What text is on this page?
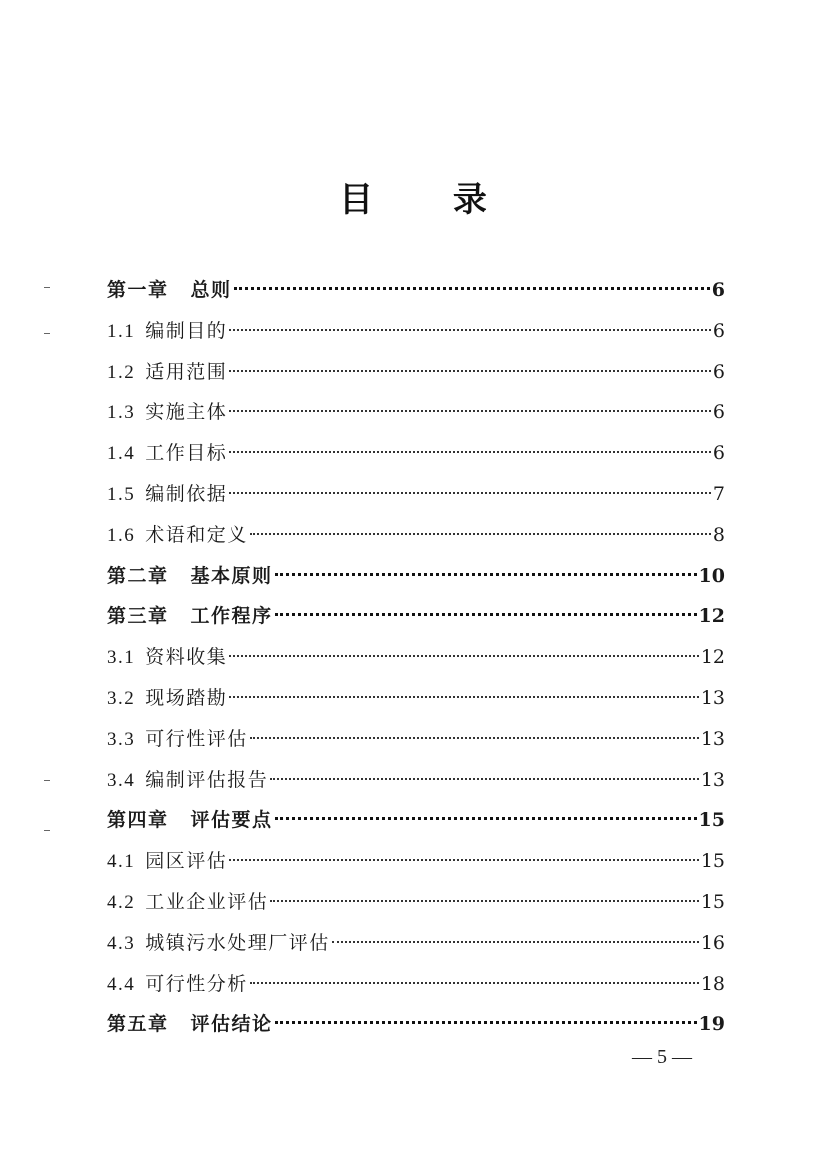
目 录
第一章 总则	6
1.1 编制目的	6
1.2 适用范围	6
1.3 实施主体	6
1.4 工作目标	6
1.5 编制依据	7
1.6 术语和定义	8
第二章 基本原则	10
第三章 工作程序	12
3.1 资料收集	12
3.2 现场踏勘	13
3.3 可行性评估	13
3.4 编制评估报告	13
第四章 评估要点	15
4.1 园区评估	15
4.2 工业企业评估	15
4.3 城镇污水处理厂评估	16
4.4 可行性分析	18
第五章 评估结论	19
— 5 —
